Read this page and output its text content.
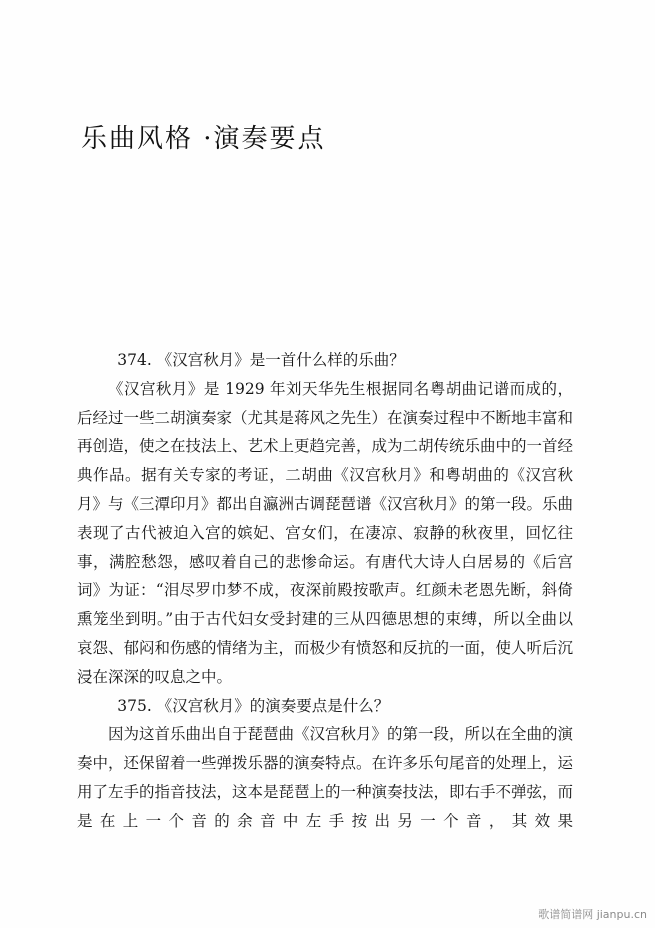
乐曲风格 ·演奏要点

374. 《汉宫秋月》是一首什么样的乐曲？

《汉宫秋月》是 1929 年刘天华先生根据同名粤胡曲记谱而成的，后经过一些二胡演奏家（尤其是蒋风之先生）在演奏过程中不断地丰富和再创造，使之在技法上、艺术上更趋完善，成为二胡传统乐曲中的一首经典作品。据有关专家的考证，二胡曲《汉宫秋月》和粤胡曲的《汉宫秋月》与《三潭印月》都出自瀛洲古调琵琶谱《汉宫秋月》的第一段。乐曲表现了古代被迫入宫的嫔妃、宫女们，在凄凉、寂静的秋夜里，回忆往事，满腔愁怨，感叹着自己的悲惨命运。有唐代大诗人白居易的《后宫词》为证：“泪尽罗巾梦不成，夜深前殿按歌声。红颜未老恩先断，斜倚熏笼坐到明。”由于古代妇女受封建的三从四德思想的束缚，所以全曲以哀怨、郁闷和伤感的情绪为主，而极少有愤怒和反抗的一面，使人听后沉浸在深深的叹息之中。

375. 《汉宫秋月》的演奏要点是什么？

因为这首乐曲出自于琵琶曲《汉宫秋月》的第一段，所以在全曲的演奏中，还保留着一些弹拨乐器的演奏特点。在许多乐句尾音的处理上，运用了左手的指音技法，这本是琵琶上的一种演奏技法，即右手不弹弦，而是在上一个音的余音中左手按出另一个音，其效果

歌谱简谱网 jianpu.cn
